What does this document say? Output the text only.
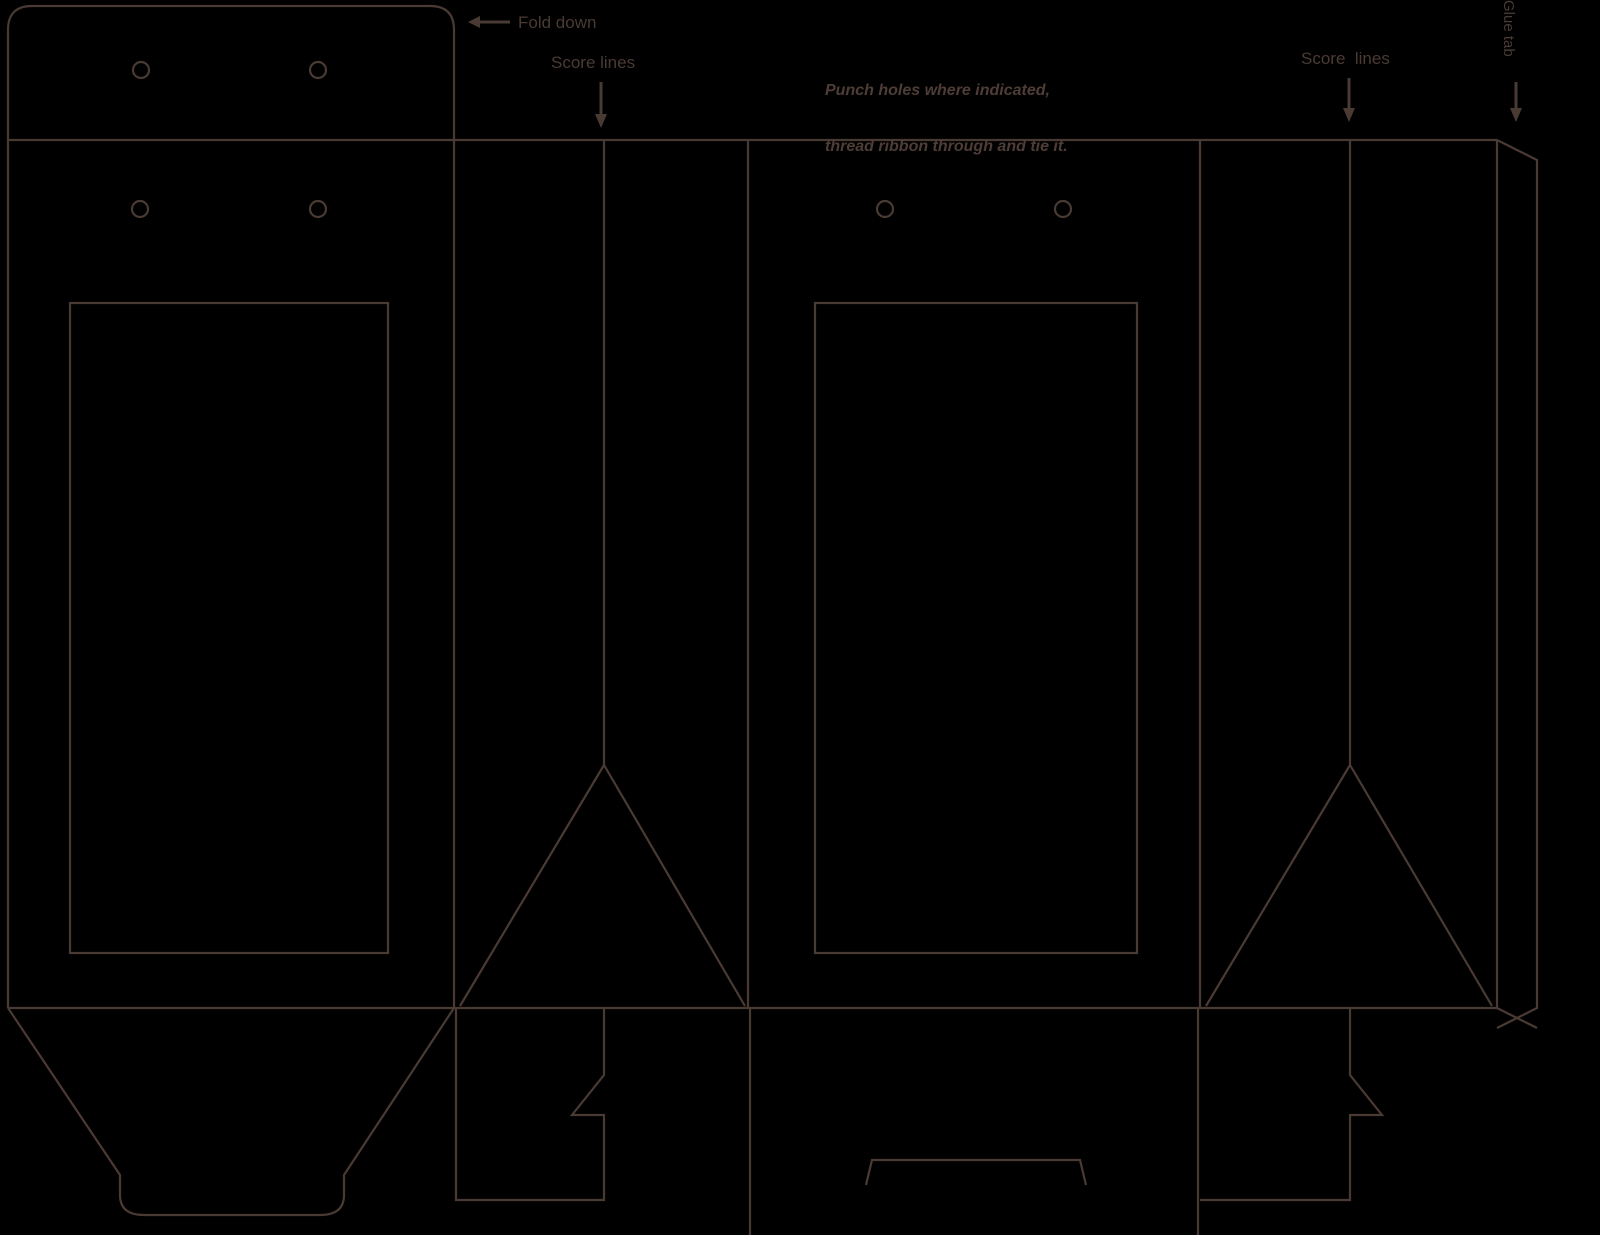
Fold down
Score lines	Score  lines

Punch holes where indicated,

thread ribbon through and tie it.

Glue tab
